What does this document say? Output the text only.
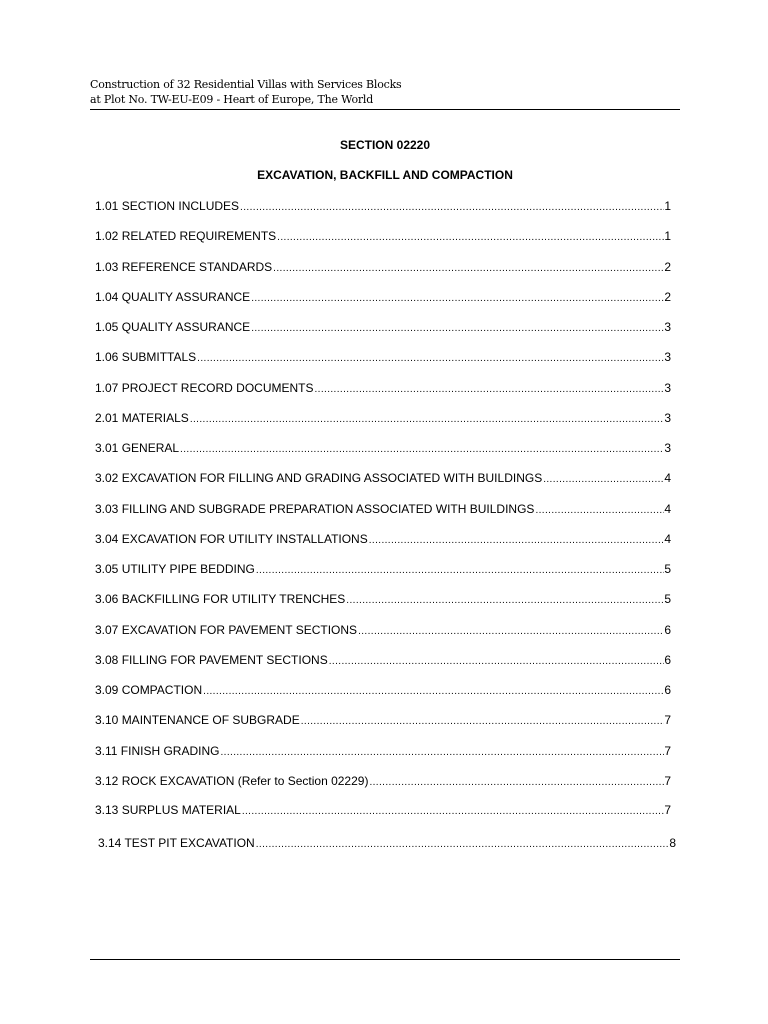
Construction of 32 Residential Villas with Services Blocks
at Plot No. TW-EU-E09 - Heart of Europe, The World
SECTION 02220
EXCAVATION, BACKFILL AND COMPACTION
1.01 SECTION INCLUDES .....	1
1.02 RELATED REQUIREMENTS .....	1
1.03 REFERENCE STANDARDS .....	2
1.04 QUALITY ASSURANCE .....	2
1.05 QUALITY ASSURANCE .....	3
1.06 SUBMITTALS .....	3
1.07 PROJECT RECORD DOCUMENTS .....	3
2.01 MATERIALS .....	3
3.01 GENERAL .....	3
3.02 EXCAVATION FOR FILLING AND GRADING ASSOCIATED WITH BUILDINGS .....	4
3.03 FILLING AND SUBGRADE PREPARATION ASSOCIATED WITH BUILDINGS .....	4
3.04 EXCAVATION FOR UTILITY INSTALLATIONS .....	4
3.05 UTILITY PIPE BEDDING .....	5
3.06 BACKFILLING FOR UTILITY TRENCHES .....	5
3.07 EXCAVATION FOR PAVEMENT SECTIONS .....	6
3.08 FILLING FOR PAVEMENT SECTIONS .....	6
3.09 COMPACTION .....	6
3.10 MAINTENANCE OF SUBGRADE .....	7
3.11 FINISH GRADING .....	7
3.12 ROCK EXCAVATION (Refer to Section 02229) .....	7
3.13 SURPLUS MATERIAL .....	7
3.14 TEST PIT EXCAVATION .....	8
